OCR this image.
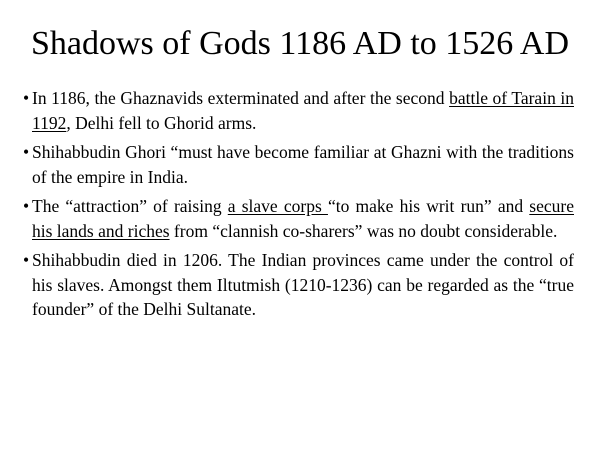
Shadows of Gods 1186 AD to 1526 AD
• In 1186, the Ghaznavids exterminated and after the second battle of Tarain in 1192, Delhi fell to Ghorid arms.
• Shihabbudin Ghori “must have become familiar at Ghazni with the traditions of the empire in India.
• The “attraction” of raising a slave corps “to make his writ run” and secure his lands and riches from “clannish co-sharers” was no doubt considerable.
• Shihabbudin died in 1206. The Indian provinces came under the control of his slaves. Amongst them Iltutmish (1210-1236) can be regarded as the “true founder” of the Delhi Sultanate.
